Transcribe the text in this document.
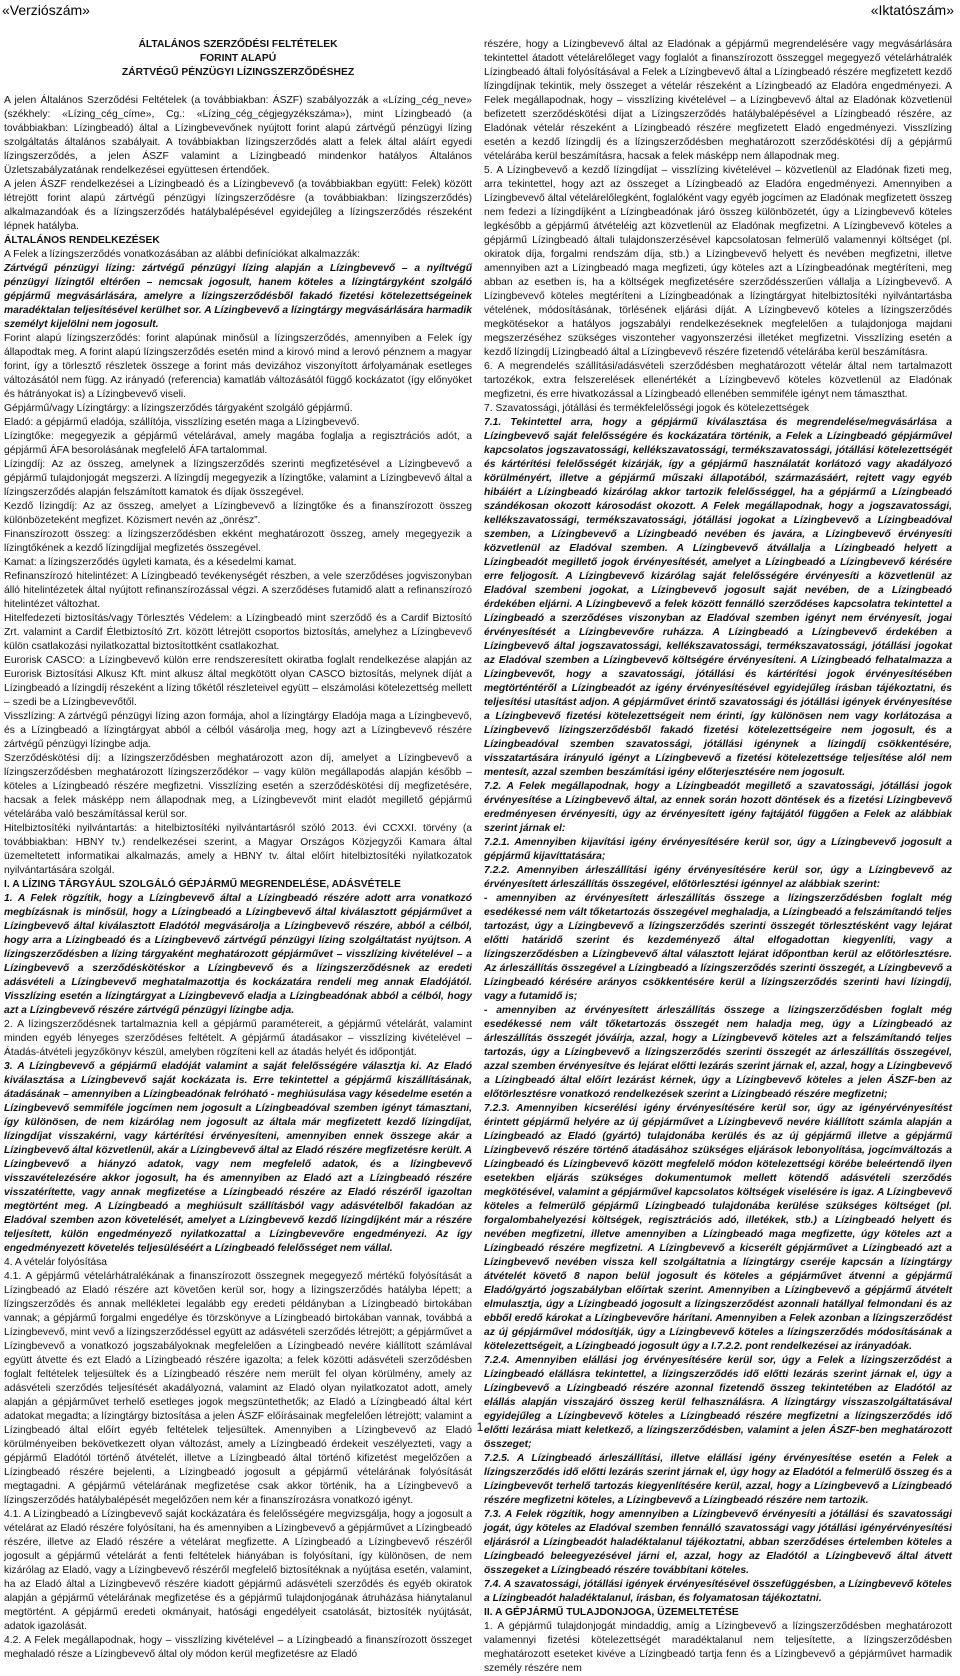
«Verziószám»	«Iktatószám»

ÁLTALÁNOS SZERZŐDÉSI FELTÉTELEK

FORINT ALAPÚ

ZÁRTVÉGŰ PÉNZÜGYI LÍZINGSZERZŐDÉSHEZ

A jelen Általános Szerződési Feltételek (a továbbiakban: ÁSZF) szabályozzák a «Lízing_cég_neve» (székhely: «Lízing_cég_címe», Cg.: «Lízing_cég_cégjegyzékszáma»), mint Lízingbeadó (a továbbiakban: Lízingbeadó) által a Lízingbevevőnek nyújtott forint alapú zártvégű pénzügyi lízing szolgáltatás általános szabályait. A továbbiakban lízingszerződés alatt a felek által aláírt egyedi lízingszerződés, a jelen ÁSZF valamint a Lízingbeadó mindenkor hatályos Általános Üzletszabályzatának rendelkezései együttesen értendőek.

A jelen ÁSZF rendelkezései a Lízingbeadó és a Lízingbevevő (a továbbiakban együtt: Felek) között létrejött forint alapú zártvégű pénzügyi lízingszerződésre (a továbbiakban: lízingszerződés) alkalmazandóak és a lízingszerződés hatálybalépésével egyidejűleg a lízingszerződés részeként lépnek hatályba.

ÁLTALÁNOS RENDELKEZÉSEK

A Felek a lízingszerződés vonatkozásában az alábbi definíciókat alkalmazzák:

Zártvégű pénzügyi lízing: zártvégű pénzügyi lízing alapján a Lízingbevevő – a nyíltvégű pénzügyi lízingtől eltérően – nemcsak jogosult, hanem köteles a lízingtárgyként szolgáló gépjármű megvásárlására, amelyre a lízingszerződésből fakadó fizetési kötelezettségeinek maradéktalan teljesítésével kerülhet sor. A Lízingbevevő a lízingtárgy megvásárlására harmadik személyt kijelölni nem jogosult.

Forint alapú lízingszerződés: forint alapúnak minősül a lízingszerződés, amennyiben a Felek így állapodtak meg. A forint alapú lízingszerződés esetén mind a kirovó mind a lerovó pénznem a magyar forint, így a törlesztő részletek összege a forint más devizához viszonyított árfolyamának esetleges változásától nem függ. Az irányadó (referencia) kamatláb változásától függő kockázatot (így előnyöket és hátrányokat is) a Lízingbevevő viseli.

Gépjármű/vagy Lízingtárgy: a lízingszerződés tárgyaként szolgáló gépjármű.

Eladó: a gépjármű eladója, szállítója, visszlízing esetén maga a Lízingbevevő.

Lízingtőke: megegyezik a gépjármű vételárával, amely magába foglalja a regisztrációs adót, a gépjármű ÁFA besorolásának megfelelő ÁFA tartalommal.

Lízingdíj: Az az összeg, amelynek a lízingszerződés szerinti megfizetésével a Lízingbevevő a gépjármű tulajdonjogát megszerzi. A lízingdíj megegyezik a lízingtőke, valamint a Lízingbevevő által a lízingszerződés alapján felszámított kamatok és díjak összegével.

Kezdő lízingdíj: Az az összeg, amelyet a Lízingbevevő a lízingtőke és a finanszírozott összeg különbözeteként megfizet. Közismert nevén az „önrész”.

Finanszírozott összeg: a lízingszerződésben ekként meghatározott összeg, amely megegyezik a lízingtőkének a kezdő lízingdíjjal megfizetés összegével.

Kamat: a lízingszerződés ügyleti kamata, és a késedelmi kamat.

Refinanszírozó hitelintézet: A Lízingbeadó tevékenységét részben, a vele szerződéses jogviszonyban álló hitelintézetek által nyújtott refinanszírozással végzi. A szerződéses futamidő alatt a refinanszírozó hitelintézet változhat.

Hitelfedezeti biztosítás/vagy Törlesztés Védelem: a Lízingbeadó mint szerződő és a Cardif Biztosító Zrt. valamint a Cardif Életbiztosító Zrt. között létrejött csoportos biztosítás, amelyhez a Lízingbevevő külön csatlakozási nyilatkozattal biztosítottként csatlakozhat.

Eurorisk CASCO: a Lízingbevevő külön erre rendszeresített okiratba foglalt rendelkezése alapján az Eurorisk Biztosítási Alkusz Kft. mint alkusz által megkötött olyan CASCO biztosítás, melynek díját a Lízingbeadó a lízingdíj részeként a lízing tőkétől részleteivel együtt – elszámolási kötelezettség mellett – szedi be a Lízingbevevőtől.

Visszlízing: A zártvégű pénzügyi lízing azon formája, ahol a lízingtárgy Eladója maga a Lízingbevevő, és a Lízingbeadó a lízingtárgyat abból a célból vásárolja meg, hogy azt a Lízingbevevő részére zártvégű pénzügyi lízingbe adja.

Szerződéskötési díj: a lízingszerződésben meghatározott azon díj, amelyet a Lízingbevevő a lízingszerződésben meghatározott lízingszerződékor – vagy külön megállapodás alapján később – köteles a Lízingbeadó részére megfizetni. Visszlízing esetén a szerződéskötési díj megfizetésére, hacsak a felek másképp nem állapodnak meg, a Lízingbevevőt mint eladót megillető gépjármű vételárába való beszámítással kerül sor.

Hitelbiztosítéki nyilvántartás: a hitelbiztosítéki nyilvántartásról szóló 2013. évi CCXXI. törvény (a továbbiakban: HBNY tv.) rendelkezései szerint, a Magyar Országos Közjegyzői Kamara által üzemeltetett informatikai alkalmazás, amely a HBNY tv. által előírt hitelbiztosítéki nyilatkozatok nyilvántartására szolgál.

I. A LÍZING TÁRGYÁUL SZOLGÁLÓ GÉPJÁRMŰ MEGRENDELÉSE, ADÁSVÉTELE

1. A Felek rögzítik, hogy a Lízingbevevő által a Lízingbeadó részére adott arra vonatkozó megbízásnak is minősül, hogy a Lízingbeadó a Lízingbevevő által kiválasztott gépjárművet a Lízingbevevő által kiválasztott Eladótól megvásárolja a Lízingbevevő részére, abból a célból, hogy arra a Lízingbeadó és a Lízingbevevő zártvégű pénzügyi lízing szolgáltatást nyújtson. A lízingszerződésben a lízing tárgyaként meghatározott gépjárművet – visszlízing kivételével – a Lízingbevevő a szerződéskötéskor a Lízingbevevő és a lízingszerződésnek az eredeti adásvételi a Lízingbevevő meghatalmazottja és kockázatára rendeli meg annak Eladójától. Visszlízing esetén a lízingtárgyat a Lízingbevevő eladja a Lízingbeadónak abból a célból, hogy azt a Lízingbevevő részére zártvégű pénzügyi lízingbe adja.

2. A lízingszerződésnek tartalmaznia kell a gépjármű paramétereit, a gépjármű vételárát, valamint minden egyéb lényeges szerződéses feltételt. A gépjármű átadásakor – visszlízing kivételével – Átadás-átvételi jegyzőkönyv készül, amelyben rögzíteni kell az átadás helyét és időpontját.

3. A Lízingbevevő a gépjármű eladóját valamint a saját felelősségére választja ki. Az Eladó kiválasztása a Lízingbevevő saját kockázata is. Erre tekintettel a gépjármű kiszállításának, átadásának – amennyiben a Lízingbeadónak felróható - meghiúsulása vagy késedelme esetén a Lízingbevevő semmiféle jogcímen nem jogosult a Lízingbeadóval szemben igényt támasztani, így különösen, de nem kizárólag nem jogosult az általa már megfizetett kezdő lízingdíjat, lízingdíjat visszakérni, vagy kártérítési érvényesíteni, amennyiben ennek összege akár a Lízingbevevő által közvetlenül, akár a Lízingbevevő által az Eladó részére megfizetésre került. A Lízingbevevő a hiányzó adatok, vagy nem megfelelő adatok, és a lízingbevevő visszavételezésére akkor jogosult, ha és amennyiben az Eladó azt a Lízingbeadó részére visszatérítette, vagy annak megfizetése a Lízingbeadó részére az Eladó részéről igazoltan megtörtént meg. A Lízingbeadó a meghiúsult szállításból vagy adásvételből fakadóan az Eladóval szemben azon követelését, amelyet a Lízingbevevő kezdő lízingdíjként már a részére teljesített, külön engedményező nyilatkozattal a Lízingbevevőre engedményezi. Az így engedményezett követelés teljesüléséért a Lízingbeadó felelősséget nem vállal.

4. A vételár folyósítása

4.1. A gépjármű vételárhátralékának a finanszírozott összegnek megegyező mértékű folyósítását a Lízingbeadó az Eladó részére azt követően kerül sor, hogy a lízingszerződés hatályba lépett; a lízingszerződés és annak mellékletei legalább egy eredeti példányban a Lízingbeadó birtokában vannak; a gépjármű forgalmi engedélye és törzskönyve a Lízingbeadó birtokában vannak, továbbá a Lízingbevevő, mint vevő a lízingszerződéssel együtt az adásvételi szerződés létrejött; a gépjárművet a Lízingbevevő a vonatkozó jogszabályoknak megfelelően a Lízingbeadó nevére kiállított számlával együtt átvette és ezt Eladó a Lízingbeadó részére igazolta; a felek közötti adásvételi szerződésben foglalt feltételek teljesültek és a Lízingbeadó részére nem merült fel olyan körülmény, amely az adásvételi szerződés teljesítését akadályozná, valamint az Eladó olyan nyilatkozatot adott, amely alapján a gépjárművet terhelő esetleges jogok megszüntethetők; az Eladó a Lízingbeadó által kért adatokat megadta; a lízingtárgy biztosítása a jelen ÁSZF előírásainak megfelelően létrejött; valamint a Lízingbeadó által előírt egyéb feltételek teljesültek. Amennyiben a Lízingbevevő az Eladó körülményeiben bekövetkezett olyan változást, amely a Lízingbeadó érdekeit veszélyezteti, vagy a gépjármű Eladótól történő átvételét, illetve a Lízingbeadó által történő kifizetést megelőzően a Lízingbeadó részére bejelenti, a Lízingbeadó jogosult a gépjármű vételárának folyósítását megtagadni. A gépjármű vételárának megfizetése csak akkor történik, ha a Lízingbevevő a lízingszerződés hatálybalépését megelőzően nem kér a finanszírozásra vonatkozó igényt.

4.1. A Lízingbeadó a Lízingbevevő saját kockázatára és felelősségére megvizsgálja, hogy a jogosult a vételárat az Eladó részére folyósítani, ha és amennyiben a Lízingbevevő a gépjárművet a Lízingbeadó részére, illetve az Eladó részére a vételárat megfizette. A Lízingbeadó a Lízingbevevő részéről jogosult a gépjármű vételárát a fenti feltételek hiányában is folyósítani, így különösen, de nem kizárólag az Eladó, vagy a Lízingbevevő részéről megfelelő biztosítéknak a nyújtása esetén, valamint, ha az Eladó által a Lízingbevevő részére kiadott gépjármű adásvételi szerződés és egyéb okiratok alapján a gépjármű vételárának megfizetése és a gépjármű tulajdonjogának átruházása hiánytalanul megtörtént. A gépjármű eredeti okmányait, hatósági engedélyeit csatolását, biztosíték nyújtását, adatok igazolását.

4.2. A Felek megállapodnak, hogy – visszlízing kivételével – a Lízingbeadó a finanszírozott összeget meghaladó része a Lízingbevevő által oly módon kerül megfizetésre az Eladó

részére, hogy a Lízingbevevő által az Eladónak a gépjármű megrendelésére vagy megvásárlására tekintettel átadott vételárelőleget vagy foglalót a finanszírozott összeggel megegyező vételárhátralék Lízingbeadó általi folyósításával a Felek a Lízingbevevő által a Lízingbeadó részére megfizetett kezdő lízingdíjnak tekintik, mely összeget a vételár részeként a Lízingbeadó az Eladóra engedményezi. A Felek megállapodnak, hogy – visszlízing kivételével – a Lízingbevevő által az Eladónak közvetlenül befizetett szerződéskötési díjat a Lízingszerződés hatálybalépésével a Lízingbeadó részére, az Eladónak vételár részeként a Lízingbeadó részére megfizetett Eladó engedményezi. Visszlízing esetén a kezdő lízingdíj és a lízingszerződésben meghatározott szerződéskötési díj a gépjármű vételárába kerül beszámításra, hacsak a felek másképp nem állapodnak meg.

5. A Lízingbevevő a kezdő lízingdíjat – visszlízing kivételével – közvetlenül az Eladónak fizeti meg, arra tekintettel, hogy azt az összeget a Lízingbeadó az Eladóra engedményezi. Amennyiben a Lízingbevevő által vételárelőlegként, foglalóként vagy egyéb jogcímen az Eladónak megfizetett összeg nem fedezi a lízingdíjként a Lízingbeadónak járó összeg különbözetét, úgy a Lízingbevevő köteles legkésőbb a gépjármű átvételéig azt közvetlenül az Eladónak megfizetni. A Lízingbevevő köteles a gépjármű Lízingbeadó általi tulajdonszerzésével kapcsolatosan felmerülő valamennyi költséget (pl. okiratok díja, forgalmi rendszám díja, stb.) a Lízingbevevő helyett és nevében megfizetni, illetve amennyiben azt a Lízingbeadó maga megfizeti, úgy köteles azt a Lízingbeadónak megtéríteni, meg abban az esetben is, ha a költségek megfizetésére szerződésszerűen vállalja a Lízingbevevő. A Lízingbevevő köteles megtéríteni a Lízingbeadónak a lízingtárgyat hitelbiztosítéki nyilvántartásba vételének, módosításának, törlésének eljárási díját. A Lízingbevevő köteles a lízingszerződés megkötésekor a hatályos jogszabályi rendelkezéseknek megfelelően a tulajdonjoga majdani megszerzéséhez szükséges viszonteher vagyonszerzési illetéket megfizetni. Visszlízing esetén a kezdő lízingdíj Lízingbeadó által a Lízingbevevő részére fizetendő vételárába kerül beszámításra.

6. A megrendelés szállítási/adásvételi szerződésben meghatározott vételár által nem tartalmazott tartozékok, extra felszerelések ellenértékét a Lízingbevevő köteles közvetlenül az Eladónak megfizetni, és erre hivatkozással a Lízingbeadó ellenében semmiféle igényt nem támaszthat.

7. Szavatossági, jótállási és termékfelelősségi jogok és kötelezettségek

7.1. Tekintettel arra, hogy a gépjármű kiválasztása és megrendelése/megvásárlása a Lízingbevevő saját felelősségére és kockázatára történik, a Felek a Lízingbeadó gépjárművel kapcsolatos jogszavatossági, kellékszavatossági, termékszavatossági, jótállási kötelezettségét és kártérítési felelősségét kizárják, így a gépjármű használatát korlátozó vagy akadályozó körülményért, illetve a gépjármű műszaki állapotából, származásáért, rejtett vagy egyéb hibáiért a Lízingbeadó kizárólag akkor tartozik felelősséggel, ha a gépjármű a Lízingbeadó szándékosan okozott károsodást okozott. A Felek megállapodnak, hogy a jogszavatossági, kellékszavatossági, termékszavatossági, jótállási jogokat a Lízingbevevő a Lízingbeadóval szemben, a Lízingbevevő a Lízingbeadó nevében és javára, a Lízingbevevő érvényesíti közvetlenül az Eladóval szemben. A Lízingbevevő átvállalja a Lízingbeadó helyett a Lízingbeadót megillető jogok érvényesítését, amelyet a Lízingbeadó a Lízingbevevő kérésére erre feljogosít. A Lízingbevevő kizárólag saját felelősségére érvényesíti a közvetlenül az Eladóval szembeni jogokat, a Lízingbevevő jogosult saját nevében, de a Lízingbeadó érdekében eljárni. A Lízingbevevő a felek között fennálló szerződéses kapcsolatra tekintettel a Lízingbeadó a szerződéses viszonyban az Eladóval szemben igényt nem érvényesít, jogai érvényesítését a Lízingbevevőre ruházza. A Lízingbeadó a Lízingbevevő érdekében a Lízingbevevő által jogszavatossági, kellékszavatossági, termékszavatossági, jótállási jogokat az Eladóval szemben a Lízingbevevő költségére érvényesíteni. A Lízingbeadó felhatalmazza a Lízingbevevőt, hogy a szavatossági, jótállási és kártérítési jogok érvényesítésében megtörténtéről a Lízingbeadót az igény érvényesítésével egyidejűleg írásban tájékoztatni, és teljesítési utasítást adjon. A gépjárművet érintő szavatossági és jótállási igények érvényesítése a Lízingbevevő fizetési kötelezettségeit nem érinti, így különösen nem vagy korlátozása a Lízingbevevő lízingszerződésből fakadó fizetési kötelezettségeire nem jogosult, és a Lízingbeadóval szemben szavatossági, jótállási igénynek a lízingdíj csökkentésére, visszatartására irányuló igényt a Lízingbevevő a fizetési kötelezettsége teljesítése alól nem mentesít, azzal szemben beszámítási igény előterjesztésére nem jogosult.

7.2. A Felek megállapodnak, hogy a Lízingbeadót megillető a szavatossági, jótállási jogok érvényesítése a Lízingbevevő által, az ennek során hozott döntések és a fizetési Lízingbevevő eredményesen érvényesíti, úgy az érvényesített igény fajtájától függően a Felek az alábbiak szerint járnak el:

7.2.1. Amennyiben kijavítási igény érvényesítésére kerül sor, úgy a Lízingbevevő jogosult a gépjármű kijavíttatására;

7.2.2. Amennyiben árleszállítási igény érvényesítésére kerül sor, úgy a Lízingbevevő az érvényesített árleszállítás összegével, előtörlesztési igénnyel az alábbiak szerint:

- amennyiben az érvényesített árleszállítás összege a lízingszerződésben foglalt még esedékessé nem vált tőketartozás összegével meghaladja, a Lízingbeadó a felszámítandó teljes tartozást, úgy a Lízingbevevő a lízingszerződés szerinti összegét törlesztésként vagy lejárat előtti határidő szerint és kezdeményező által elfogadottan kiegyenlíti, vagy a lízingszerződésben a Lízingbevevő által választott lejárat időpontban kerül az előtörlesztésre. Az árleszállítás összegével a Lízingbeadó a lízingszerződés szerinti összegét, a Lízingbevevő a Lízingbeadó kérésére arányos csökkentésére kerül a lízingszerződés szerinti havi lízingdíj, vagy a futamidő is;

- amennyiben az érvényesített árleszállítás összege a lízingszerződésben foglalt még esedékessé nem vált tőketartozás összegét nem haladja meg, úgy a Lízingbeadó az árleszállítás összegét jóváírja, azzal, hogy a Lízingbevevő köteles azt a felszámítandó teljes tartozás, úgy a Lízingbevevő a lízingszerződés szerinti összegét az árleszállítás összegével, azzal szemben érvényesítve és lejárat előtti lezárás szerint járnak el, azzal, hogy a Lízingbevevő a Lízingbeadó által előírt lezárást kérnek, úgy a Lízingbevevő köteles a jelen ÁSZF-ben az előtörlesztésre vonatkozó rendelkezések szerint a Lízingbeadó részére megfizetni;

7.2.3. Amennyiben kicserélési igény érvényesítésére kerül sor, úgy az igényérvényesítést érintett gépjármű helyére az új gépjárművet a Lízingbevevő nevére kiállított számla alapján a Lízingbeadó az Eladó (gyártó) tulajdonába kerülés és az új gépjármű illetve a gépjármű Lízingbevevő részére történő átadásához szükséges eljárások lebonyolítása, jogcímváltozás a Lízingbeadó és Lízingbevevő között megfelelő módon kötelezettségi körébe beleértendő ilyen esetekben eljárás szükséges dokumentumok mellett kötendő adásvételi szerződés megkötésével, valamint a gépjárművel kapcsolatos költségek viselésére is igaz. A Lízingbevevő köteles a felmerülő gépjármű Lízingbeadó tulajdonába kerülése szükséges költséget (pl. forgalombahelyezési költségek, regisztrációs adó, illetékek, stb.) a Lízingbeadó helyett és nevében megfizetni, illetve amennyiben a Lízingbeadó maga megfizette, úgy köteles azt a Lízingbeadó részére megfizetni. A Lízingbevevő a kicserélt gépjárművet a Lízingbeadó azt a Lízingbevevő nevében vissza kell szolgáltatnia a lízingtárgy cseréje kapcsán a lízingtárgy átvételét követő 8 napon belül jogosult és köteles a gépjárművet átvenni a gépjármű Eladó/gyártó jogszabályban előírtak szerint. Amennyiben a Lízingbevevő a gépjármű átvételt elmulasztja, úgy a Lízingbeadó jogosult a lízingszerződést azonnali hatállyal felmondani és az ebből eredő károkat a Lízingbevevőre hárítani. Amennyiben a Felek azonban a lízingszerződést az új gépjárművel módosítják, úgy a Lízingbevevő köteles a lízingszerződés módosításának a kötelezettségeit, a Lízingbeadó jogosult úgy a I.7.2.2. pont rendelkezései az irányadóak.

7.2.4. Amennyiben elállási jog érvényesítésére kerül sor, úgy a Felek a lízingszerződést a Lízingbeadó elállásra tekintettel, a lízingszerződés idő előtti lezárás szerint járnak el, úgy a Lízingbevevő a Lízingbeadó részére azonnal fizetendő összeg tekintetében az Eladótól az elállás alapján visszajáró összeg kerül felhasználásra. A lízingtárgy visszaszolgáltatásával egyidejűleg a Lízingbevevő köteles a Lízingbeadó részére megfizetni a lízingszerződés idő előtti lezárása miatt keletkező, a lízingszerződésben, valamint a jelen ÁSZF-ben meghatározott összeget;

7.2.5. A Lízingbeadó árleszállítási, illetve elállási igény érvényesítése esetén a Felek a lízingszerződés idő előtti lezárás szerint járnak el, úgy hogy az Eladótól a felmerülő összeg és a Lízingbevevőt terhelő tartozás kiegyenlítésére kerül, azzal, hogy a Lízingbevevő a Lízingbeadó részére megfizetni köteles, a Lízingbevevő a Lízingbeadó részére nem tartozik.

7.3. A Felek rögzítik, hogy amennyiben a Lízingbevevő érvényesíti a jótállási és szavatossági jogát, úgy köteles az Eladóval szemben fennálló szavatossági vagy jótállási igényérvényesítési eljárásról a Lízingbeadót haladéktalanul tájékoztatni, abban szerződéses értelemben köteles a Lízingbeadó beleegyezésével járni el, azzal, hogy az Eladótól a Lízingbevevő által átvett összegeket a Lízingbeadó részére továbbítani köteles.

7.4. A szavatossági, jótállási igények érvényesítésével összefüggésben, a Lízingbevevő köteles a Lízingbeadót haladéktalanul, írásban, és folyamatosan tájékoztatni.

II. A GÉPJÁRMŰ TULAJDONJOGA, ÜZEMELTETÉSE

1. A gépjármű tulajdonjogát mindaddig, amíg a Lízingbevevő a lízingszerződésben meghatározott valamennyi fizetési kötelezettségét maradéktalanul nem teljesítette, a lízingszerződésben meghatározott eseteket kivéve a Lízingbeadó tartja fenn és a Lízingbevevő a gépjárművet harmadik személy részére nem

1
